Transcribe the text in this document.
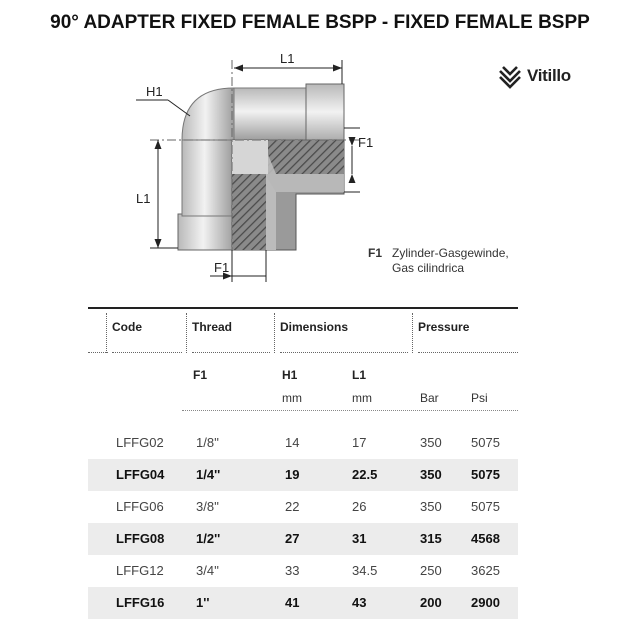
90° ADAPTER FIXED FEMALE BSPP - FIXED FEMALE BSPP
Vitillo
L1
L1
H1
F1
F1
F1 Zylinder-Gasgewinde,
Gas cilindrica
Code	Thread	Dimensions	Pressure
F1	H1	L1
mm	mm	Bar	Psi
LFFG02 1/8''	14	17	350 5075
LFFG04 1/4''	19	22.5	350 5075
LFFG06 3/8''	22	26	350 5075
LFFG08 1/2''	27	31	315 4568
LFFG12 3/4''	33	34.5	250 3625
LFFG16 1''	41	43	200 2900
